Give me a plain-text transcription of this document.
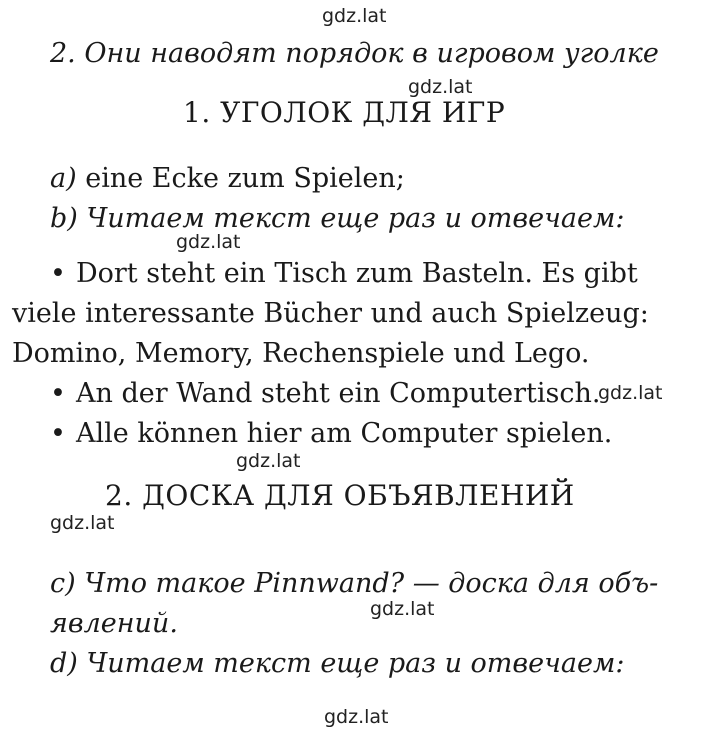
gdz.lat
gdz.lat
gdz.lat
gdz.lat
gdz.lat
gdz.lat
gdz.lat
gdz.lat
2. Они наводят порядок в игровом уголке
1. УГОЛОК ДЛЯ ИГР
a) eine Ecke zum Spielen;
b) Читаем текст еще раз и отвечаем:
• Dort steht ein Tisch zum Basteln. Es gibt
viele interessante Bücher und auch Spielzeug:
Domino, Memory, Rechenspiele und Lego.
• An der Wand steht ein Computertisch.
• Alle können hier am Computer spielen.
2. ДОСКА ДЛЯ ОБЪЯВЛЕНИЙ
c) Что такое Pinnwand? — доска для объ-
явлений.
d) Читаем текст еще раз и отвечаем:
